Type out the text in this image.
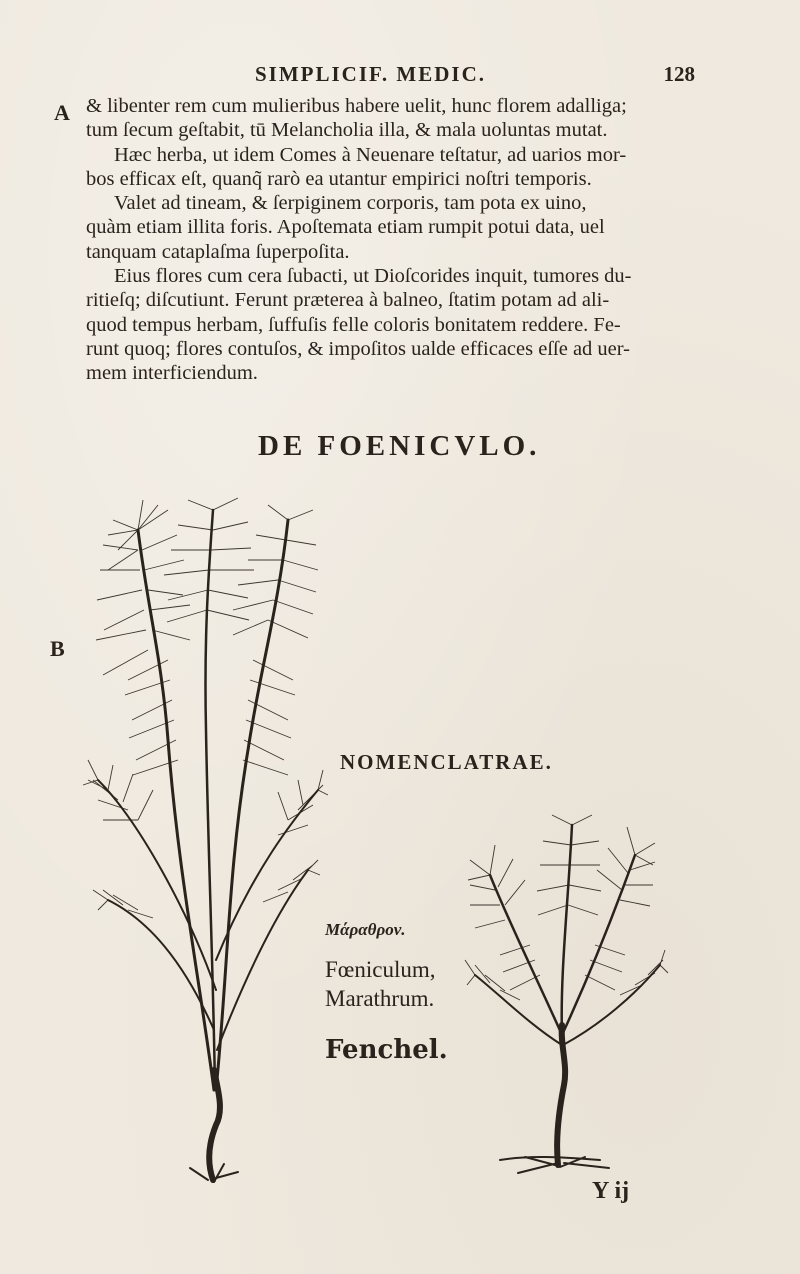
SIMPLICIF. MEDIC.	128
A
B
& libenter rem cum mulieribus habere uelit, hunc florem adalliga;
tum ſecum geſtabit, tū Melancholia illa, & mala uoluntas mutat.
Hæc herba, ut idem Comes à Neuenare teſtatur, ad uarios mor-
bos efficax eſt, quanq̃ rarò ea utantur empirici noſtri temporis.
Valet ad tineam, & ſerpiginem corporis, tam pota ex uino,
quàm etiam illita foris. Apoſtemata etiam rumpit potui data, uel
tanquam cataplaſma ſuperpoſita.
Eius flores cum cera ſubacti, ut Dioſcorides inquit, tumores du-
ritieſq; diſcutiunt. Ferunt præterea à balneo, ſtatim potam ad ali-
quod tempus herbam, ſuffuſis felle coloris bonitatem reddere. Fe-
runt quoq; flores contuſos, & impoſitos ualde efficaces eſſe ad uer-
mem interficiendum.
DE FOENICVLO.
NOMENCLATRAE.
Μάραθρον.
Fœniculum,
Marathrum.
Fenchel.
Y ij
